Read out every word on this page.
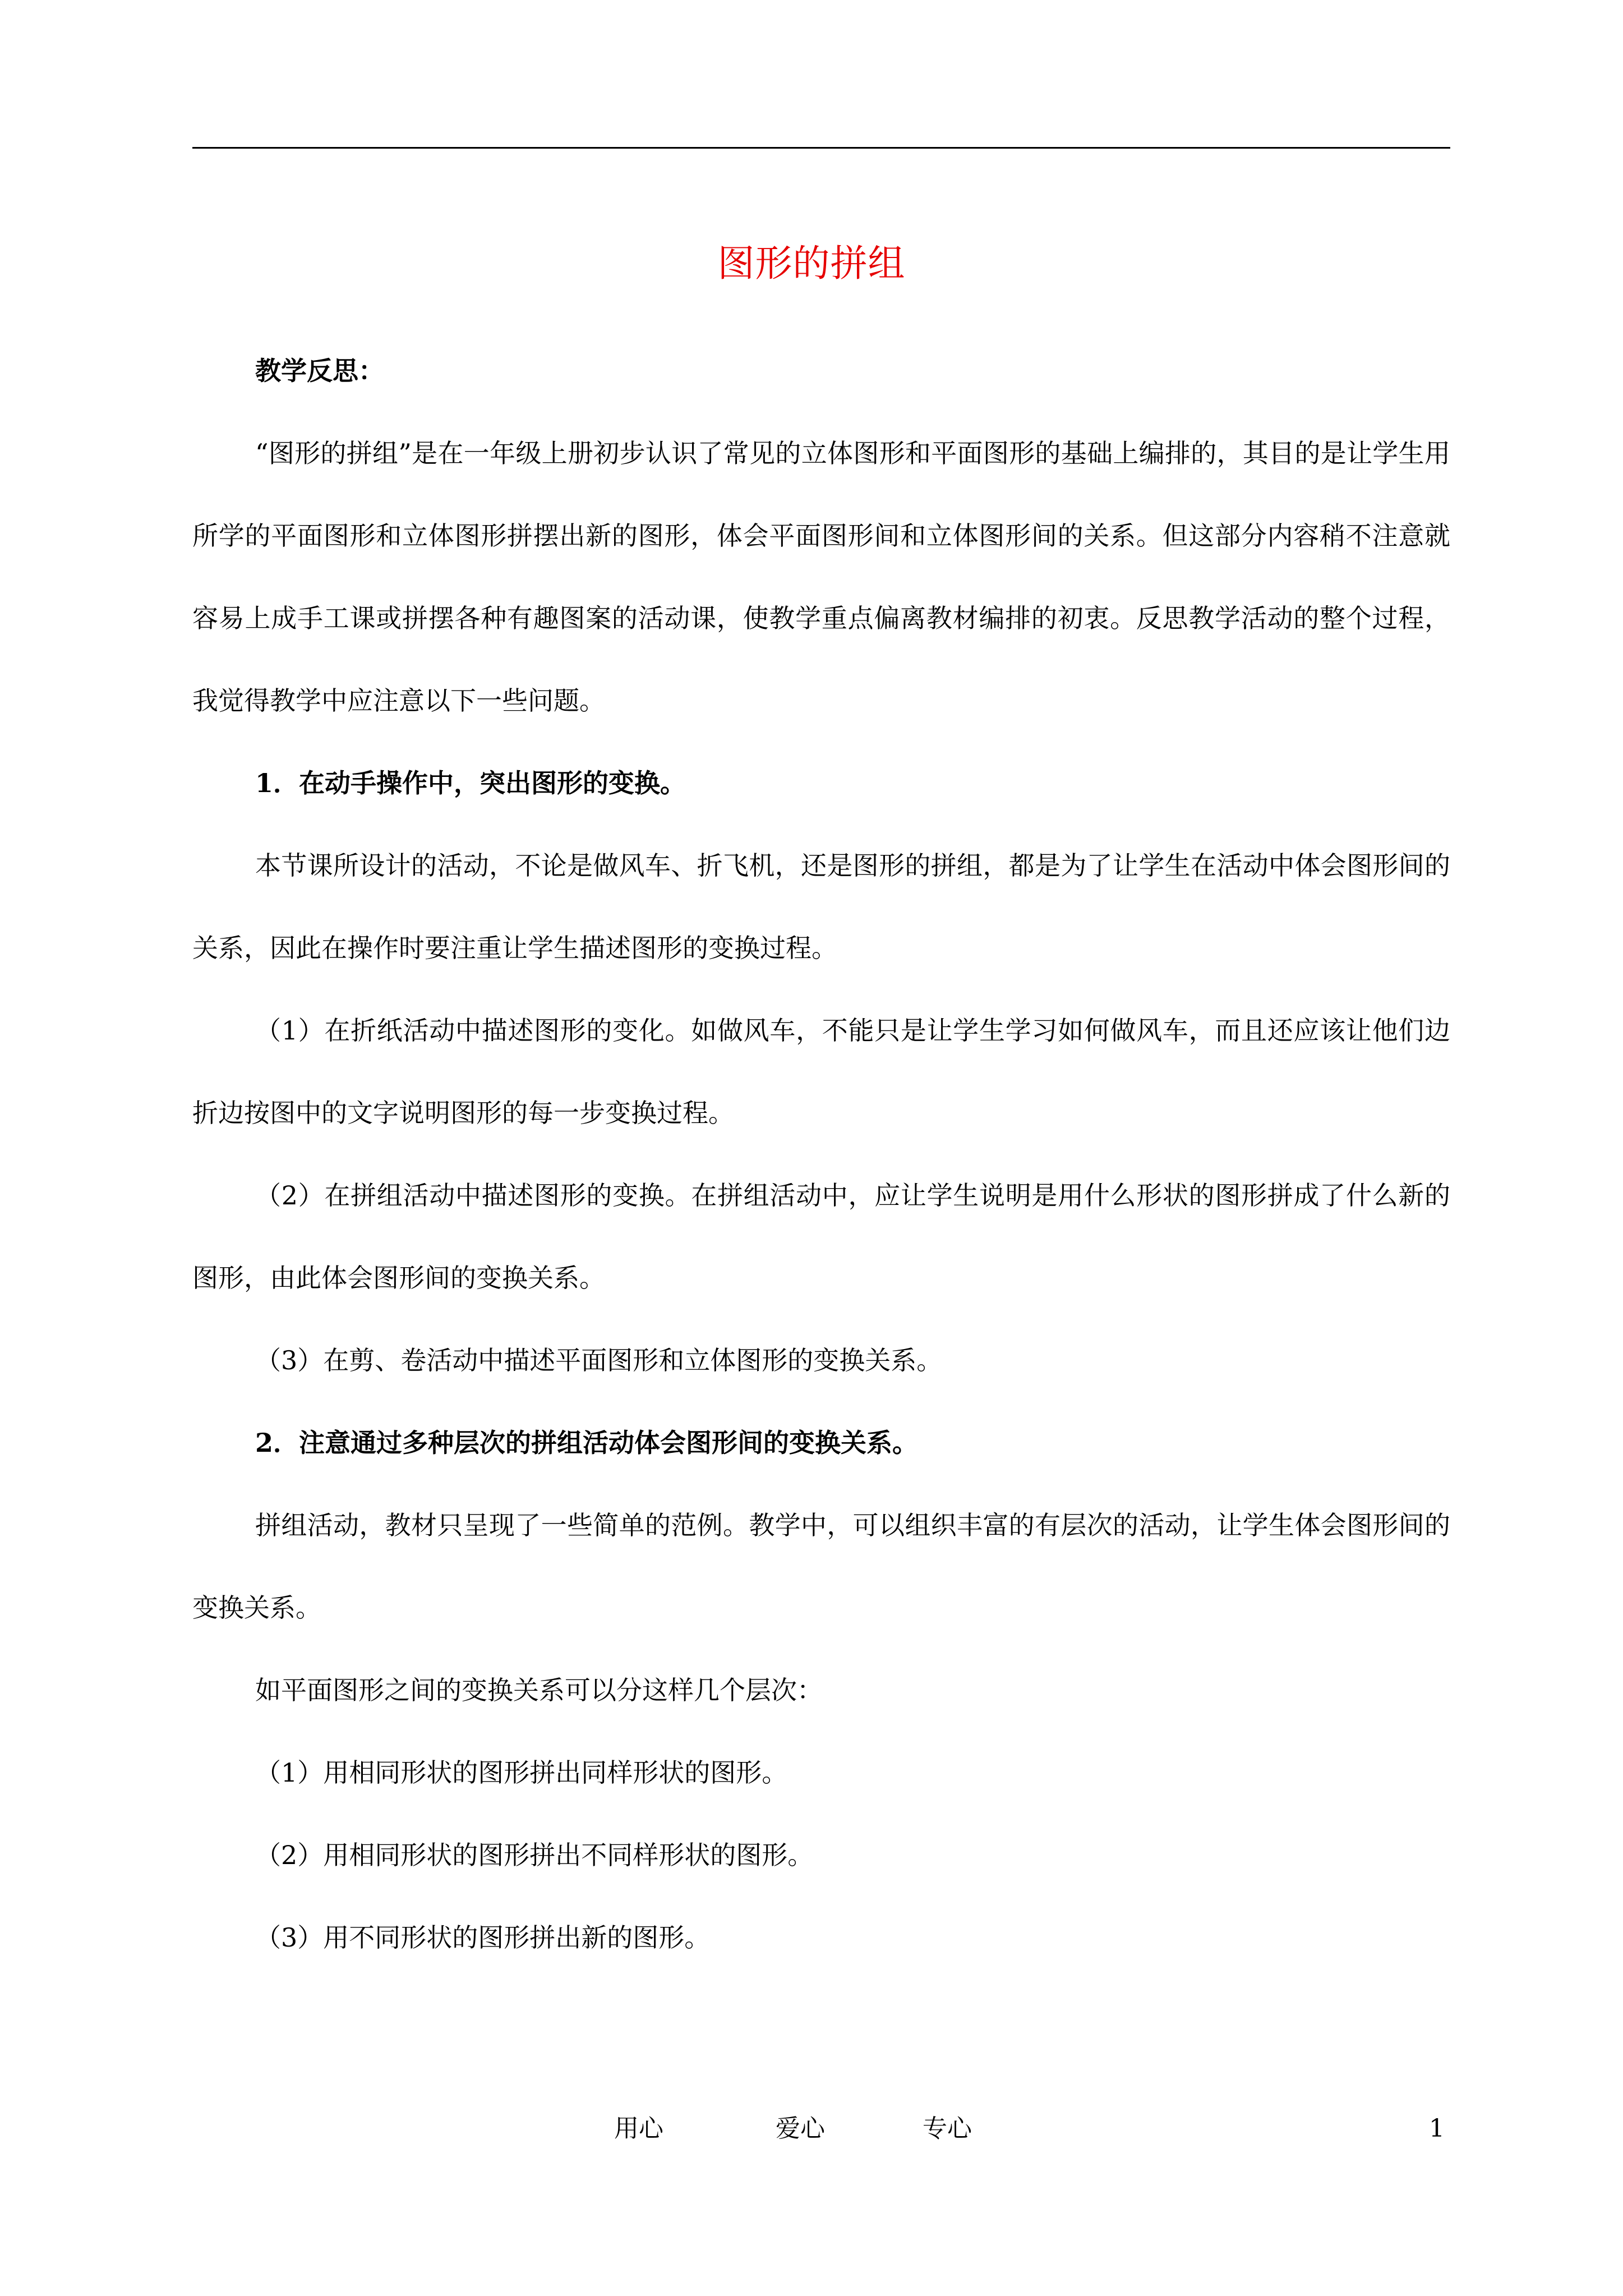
图形的拼组

教学反思：

“图形的拼组”是在一年级上册初步认识了常见的立体图形和平面图形的基础上编排的，其目的是让学生用所学的平面图形和立体图形拼摆出新的图形，体会平面图形间和立体图形间的关系。但这部分内容稍不注意就容易上成手工课或拼摆各种有趣图案的活动课，使教学重点偏离教材编排的初衷。反思教学活动的整个过程，我觉得教学中应注意以下一些问题。

1．在动手操作中，突出图形的变换。

本节课所设计的活动，不论是做风车、折飞机，还是图形的拼组，都是为了让学生在活动中体会图形间的关系，因此在操作时要注重让学生描述图形的变换过程。

（1）在折纸活动中描述图形的变化。如做风车，不能只是让学生学习如何做风车，而且还应该让他们边折边按图中的文字说明图形的每一步变换过程。

（2）在拼组活动中描述图形的变换。在拼组活动中，应让学生说明是用什么形状的图形拼成了什么新的图形，由此体会图形间的变换关系。

（3）在剪、卷活动中描述平面图形和立体图形的变换关系。

2．注意通过多种层次的拼组活动体会图形间的变换关系。

拼组活动，教材只呈现了一些简单的范例。教学中，可以组织丰富的有层次的活动，让学生体会图形间的变换关系。

如平面图形之间的变换关系可以分这样几个层次：

（1）用相同形状的图形拼出同样形状的图形。

（2）用相同形状的图形拼出不同样形状的图形。

（3）用不同形状的图形拼出新的图形。

用心	爱心	专心	1
